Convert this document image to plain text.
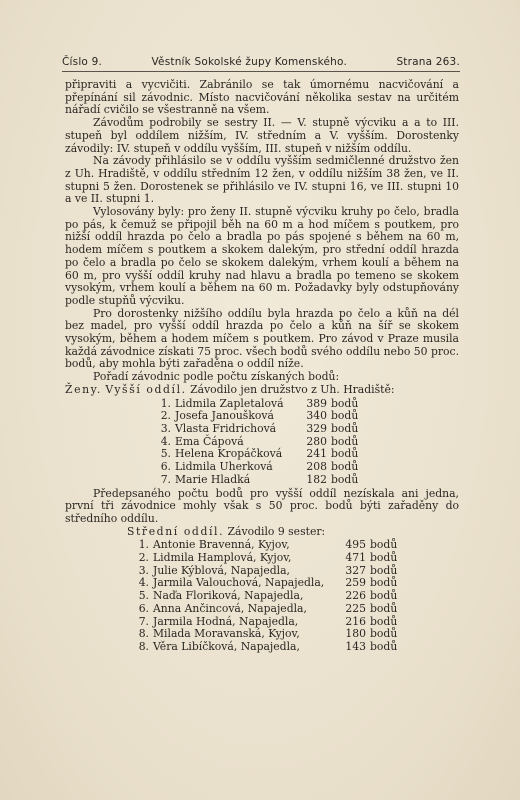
Číslo 9.	Věstník Sokolské župy Komenského.	Strana 263.

připraviti a vycvičiti. Zabránilo se tak úmornému nacvičování a přepínání sil závodnic. Místo nacvičování několika sestav na určitém nářadí cvičilo se všestranně na všem.

Závodům podrobily se sestry II. — V. stupně výcviku a a to III. stupeň byl oddílem nižším, IV. středním a V. vyšším. Dorostenky závodily: IV. stupeň v oddílu vyšším, III. stupeň v nižším oddílu.

Na závody přihlásilo se v oddílu vyšším sedmičlenné družstvo žen z Uh. Hradiště, v oddílu středním 12 žen, v oddílu nižším 38 žen, ve II. stupni 5 žen. Dorostenek se přihlásilo ve IV. stupni 16, ve III. stupni 10 a ve II. stupni 1.

Vylosovány byly: pro ženy II. stupně výcviku kruhy po čelo, bradla po pás, k čemuž se připojil běh na 60 m a hod míčem s poutkem, pro nižší oddíl hrazda po čelo a bradla po pás spojené s během na 60 m, hodem míčem s poutkem a skokem dalekým, pro střední oddíl hrazda po čelo a bradla po čelo se skokem dalekým, vrhem koulí a během na 60 m, pro vyšší oddíl kruhy nad hlavu a bradla po temeno se skokem vysokým, vrhem koulí a během na 60 m. Požadavky byly odstupňovány podle stupňů výcviku.

Pro dorostenky nižšího oddílu byla hrazda po čelo a kůň na dél bez madel, pro vyšší oddíl hrazda po čelo a kůň na šíř se skokem vysokým, během a hodem míčem s poutkem. Pro závod v Praze musila každá závodnice získati 75 proc. všech bodů svého oddílu nebo 50 proc. bodů, aby mohla býti zařaděna o oddíl níže.

Pořadí závodnic podle počtu získaných bodů:

Ženy. Vyšší oddíl. Závodilo jen družstvo z Uh. Hradiště:

1. Lidmila Zapletalová	389 bodů
2. Josefa Janoušková	340 bodů
3. Vlasta Fridrichová	329 bodů
4. Ema Čápová	280 bodů
5. Helena Kropáčková	241 bodů
6. Lidmila Uherková	208 bodů
7. Marie Hladká	182 bodů

Předepsaného počtu bodů pro vyšší oddíl nezískala ani jedna, první tři závodnice mohly však s 50 proc. bodů býti zařaděny do středního oddílu.

Střední oddíl. Závodilo 9 sester:

1. Antonie Bravenná, Kyjov,	495 bodů
2. Lidmila Hamplová, Kyjov,	471 bodů
3. Julie Kýblová, Napajedla,	327 bodů
4. Jarmila Valouchová, Napajedla,	259 bodů
5. Naďa Floriková, Napajedla,	226 bodů
6. Anna Ančincová, Napajedla,	225 bodů
7. Jarmila Hodná, Napajedla,	216 bodů
8. Milada Moravanská, Kyjov,	180 bodů
8. Věra Libíčková, Napajedla,	143 bodů
